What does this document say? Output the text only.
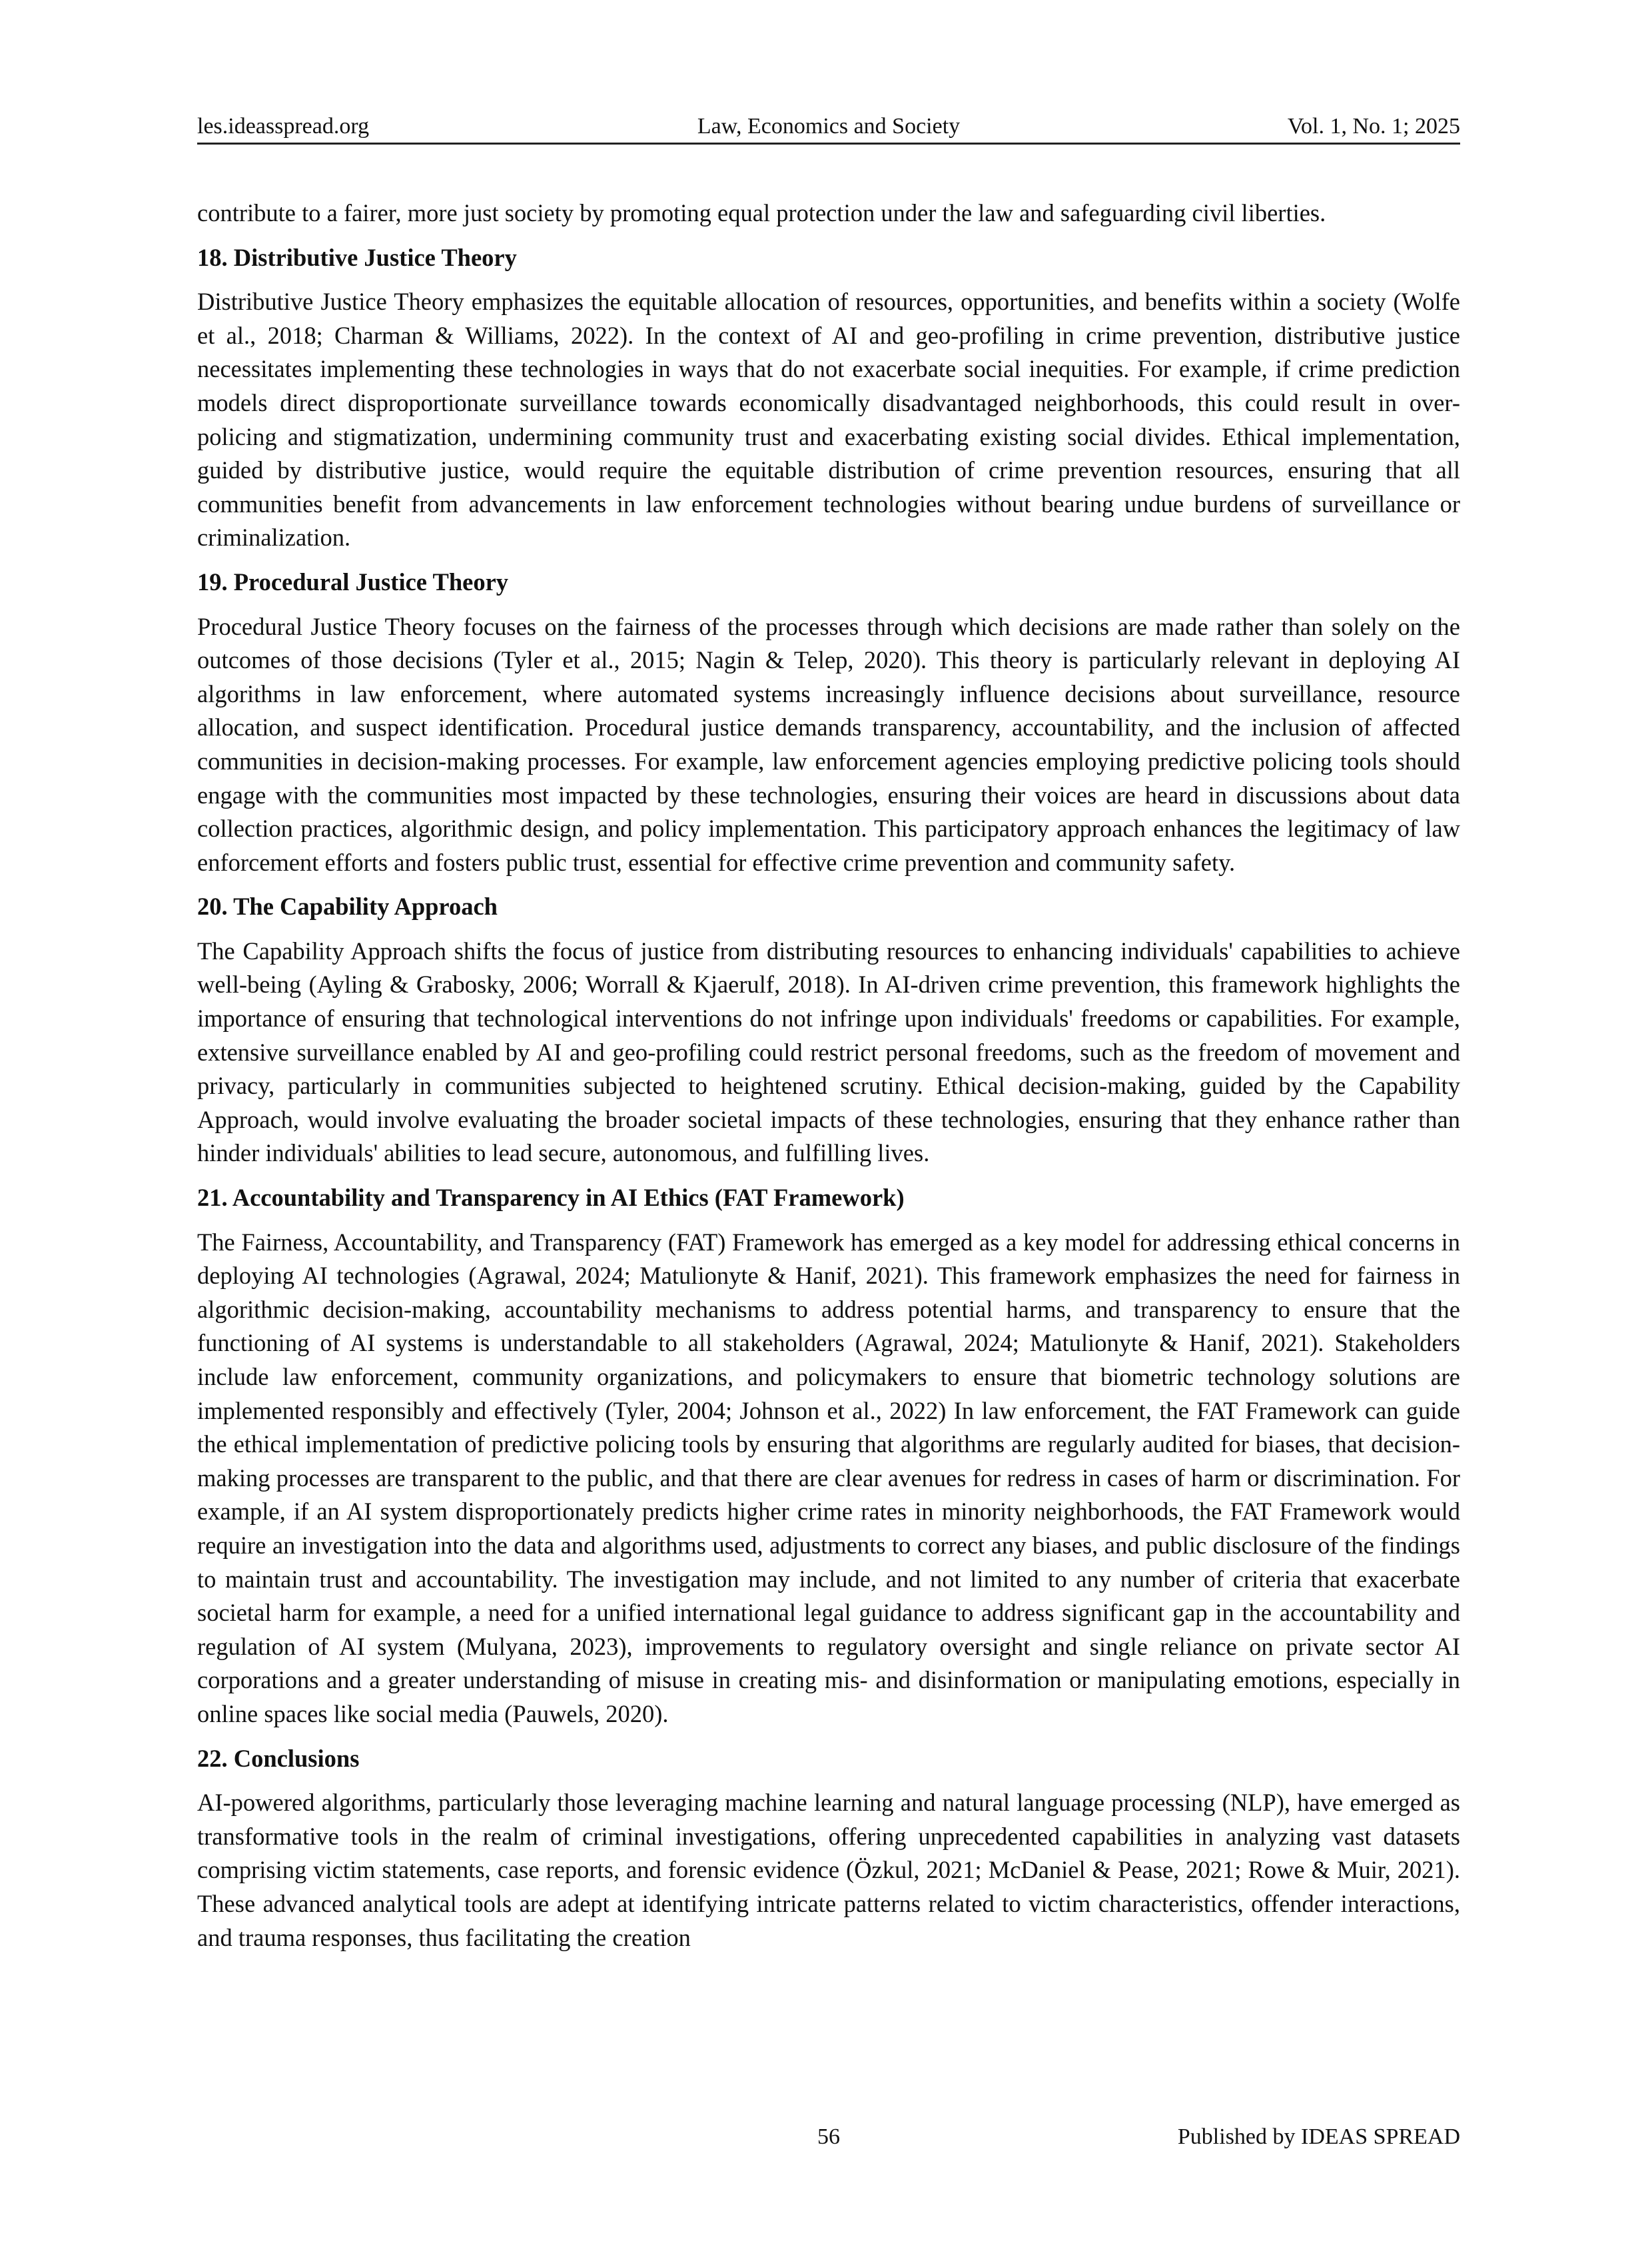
Law, Economics and Society
les.ideasspread.org	Vol. 1, No. 1; 2025

contribute to a fairer, more just society by promoting equal protection under the law and safeguarding civil liberties.

18. Distributive Justice Theory

Distributive Justice Theory emphasizes the equitable allocation of resources, opportunities, and benefits within a society (Wolfe et al., 2018; Charman & Williams, 2022). In the context of AI and geo-profiling in crime prevention, distributive justice necessitates implementing these technologies in ways that do not exacerbate social inequities. For example, if crime prediction models direct disproportionate surveillance towards economically disadvantaged neighborhoods, this could result in over-policing and stigmatization, undermining community trust and exacerbating existing social divides. Ethical implementation, guided by distributive justice, would require the equitable distribution of crime prevention resources, ensuring that all communities benefit from advancements in law enforcement technologies without bearing undue burdens of surveillance or criminalization.

19. Procedural Justice Theory

Procedural Justice Theory focuses on the fairness of the processes through which decisions are made rather than solely on the outcomes of those decisions (Tyler et al., 2015; Nagin & Telep, 2020). This theory is particularly relevant in deploying AI algorithms in law enforcement, where automated systems increasingly influence decisions about surveillance, resource allocation, and suspect identification. Procedural justice demands transparency, accountability, and the inclusion of affected communities in decision-making processes. For example, law enforcement agencies employing predictive policing tools should engage with the communities most impacted by these technologies, ensuring their voices are heard in discussions about data collection practices, algorithmic design, and policy implementation. This participatory approach enhances the legitimacy of law enforcement efforts and fosters public trust, essential for effective crime prevention and community safety.

20. The Capability Approach

The Capability Approach shifts the focus of justice from distributing resources to enhancing individuals' capabilities to achieve well-being (Ayling & Grabosky, 2006; Worrall & Kjaerulf, 2018). In AI-driven crime prevention, this framework highlights the importance of ensuring that technological interventions do not infringe upon individuals' freedoms or capabilities. For example, extensive surveillance enabled by AI and geo-profiling could restrict personal freedoms, such as the freedom of movement and privacy, particularly in communities subjected to heightened scrutiny. Ethical decision-making, guided by the Capability Approach, would involve evaluating the broader societal impacts of these technologies, ensuring that they enhance rather than hinder individuals' abilities to lead secure, autonomous, and fulfilling lives.

21. Accountability and Transparency in AI Ethics (FAT Framework)

The Fairness, Accountability, and Transparency (FAT) Framework has emerged as a key model for addressing ethical concerns in deploying AI technologies (Agrawal, 2024; Matulionyte & Hanif, 2021). This framework emphasizes the need for fairness in algorithmic decision-making, accountability mechanisms to address potential harms, and transparency to ensure that the functioning of AI systems is understandable to all stakeholders (Agrawal, 2024; Matulionyte & Hanif, 2021). Stakeholders include law enforcement, community organizations, and policymakers to ensure that biometric technology solutions are implemented responsibly and effectively (Tyler, 2004; Johnson et al., 2022) In law enforcement, the FAT Framework can guide the ethical implementation of predictive policing tools by ensuring that algorithms are regularly audited for biases, that decision-making processes are transparent to the public, and that there are clear avenues for redress in cases of harm or discrimination. For example, if an AI system disproportionately predicts higher crime rates in minority neighborhoods, the FAT Framework would require an investigation into the data and algorithms used, adjustments to correct any biases, and public disclosure of the findings to maintain trust and accountability. The investigation may include, and not limited to any number of criteria that exacerbate societal harm for example, a need for a unified international legal guidance to address significant gap in the accountability and regulation of AI system (Mulyana, 2023), improvements to regulatory oversight and single reliance on private sector AI corporations and a greater understanding of misuse in creating mis- and disinformation or manipulating emotions, especially in online spaces like social media (Pauwels, 2020).

22. Conclusions

AI-powered algorithms, particularly those leveraging machine learning and natural language processing (NLP), have emerged as transformative tools in the realm of criminal investigations, offering unprecedented capabilities in analyzing vast datasets comprising victim statements, case reports, and forensic evidence (Özkul, 2021; McDaniel & Pease, 2021; Rowe & Muir, 2021). These advanced analytical tools are adept at identifying intricate patterns related to victim characteristics, offender interactions, and trauma responses, thus facilitating the creation

56	Published by IDEAS SPREAD
